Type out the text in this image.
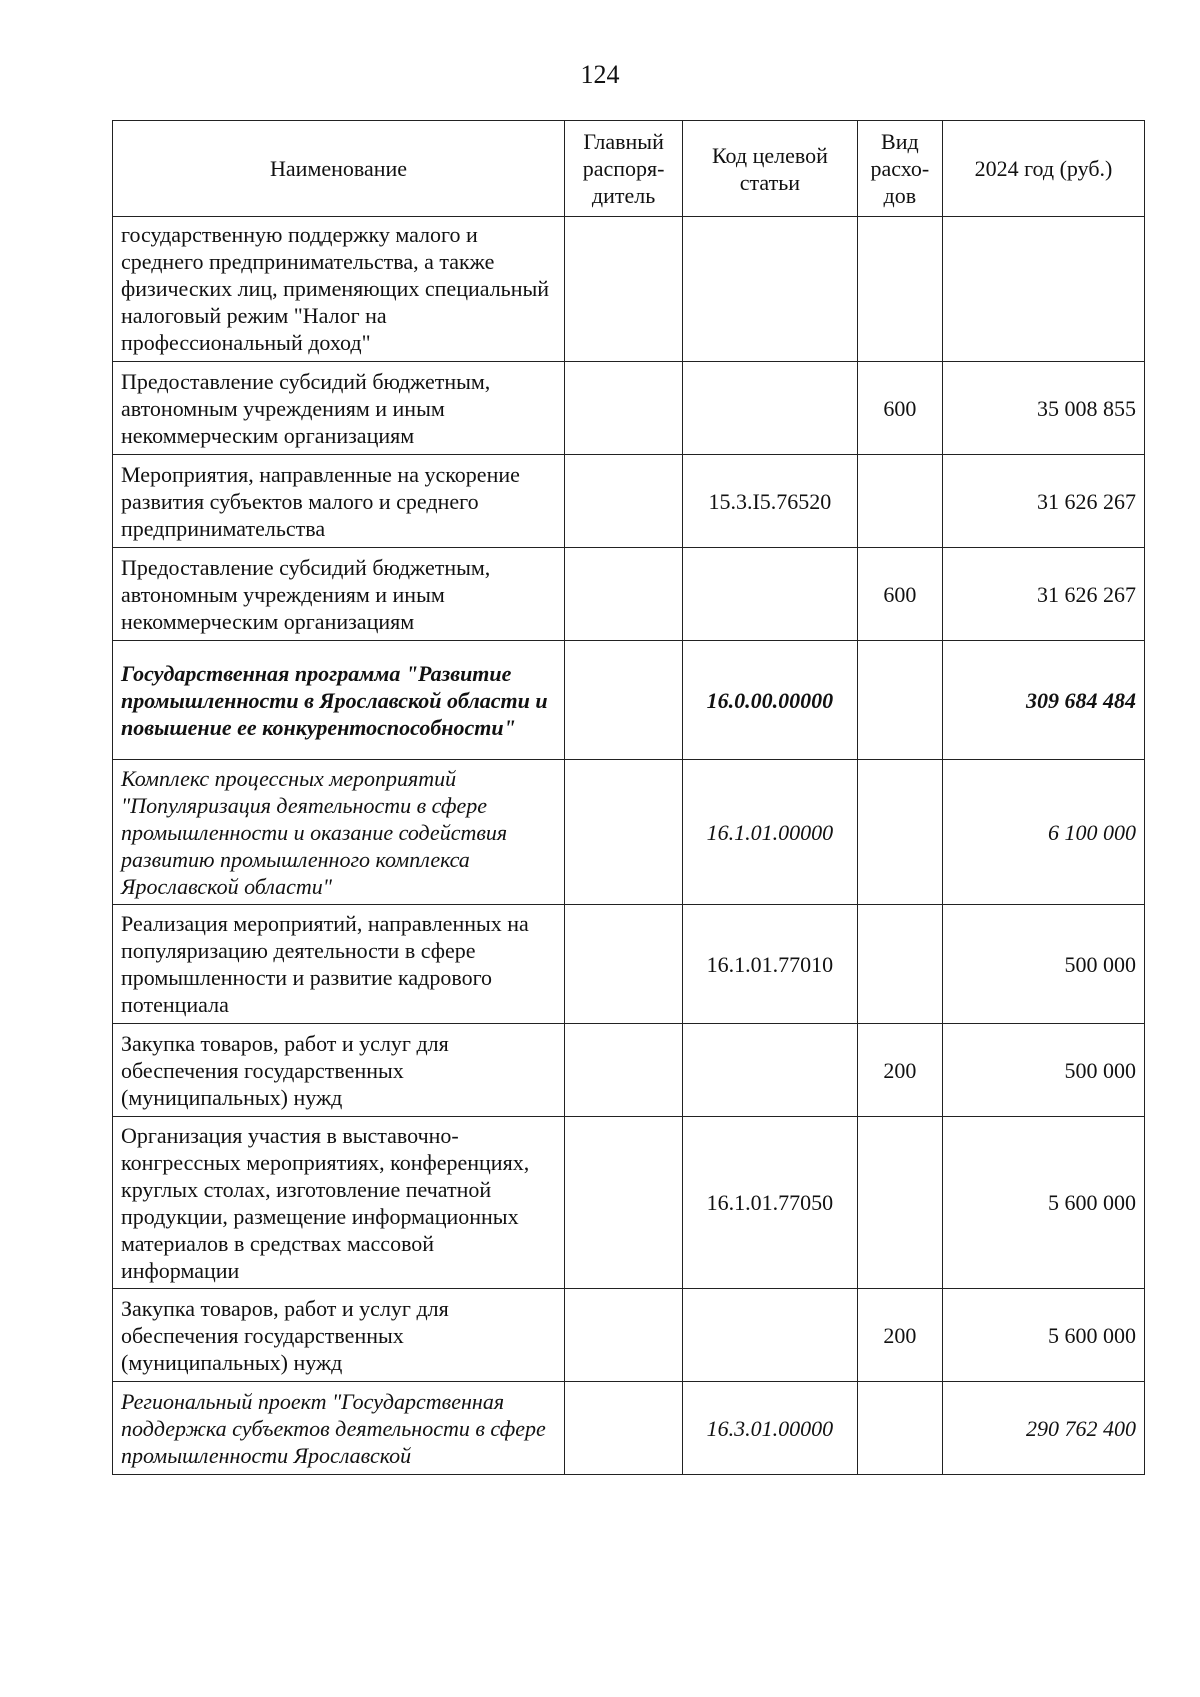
124
Наименование	Главный распоря-дитель	Код целевой статьи	Вид расхо-дов	2024 год (руб.)
государственную поддержку малого и среднего предпринимательства, а также физических лиц, применяющих специальный налоговый режим "Налог на профессиональный доход"				
Предоставление субсидий бюджетным, автономным учреждениям и иным некоммерческим организациям			600	35 008 855
Мероприятия, направленные на ускорение развития субъектов малого и среднего предпринимательства		15.3.I5.76520		31 626 267
Предоставление субсидий бюджетным, автономным учреждениям и иным некоммерческим организациям			600	31 626 267
Государственная программа "Развитие промышленности в Ярославской области и повышение ее конкурентоспособности"		16.0.00.00000		309 684 484
Комплекс процессных мероприятий "Популяризация деятельности в сфере промышленности и оказание содействия развитию промышленного комплекса Ярославской области"		16.1.01.00000		6 100 000
Реализация мероприятий, направленных на популяризацию деятельности в сфере промышленности и развитие кадрового потенциала		16.1.01.77010		500 000
Закупка товаров, работ и услуг для обеспечения государственных (муниципальных) нужд			200	500 000
Организация участия в выставочно-конгрессных мероприятиях, конференциях, круглых столах, изготовление печатной продукции, размещение информационных материалов в средствах массовой информации		16.1.01.77050		5 600 000
Закупка товаров, работ и услуг для обеспечения государственных (муниципальных) нужд			200	5 600 000
Региональный проект "Государственная поддержка субъектов деятельности в сфере промышленности Ярославской		16.3.01.00000		290 762 400
